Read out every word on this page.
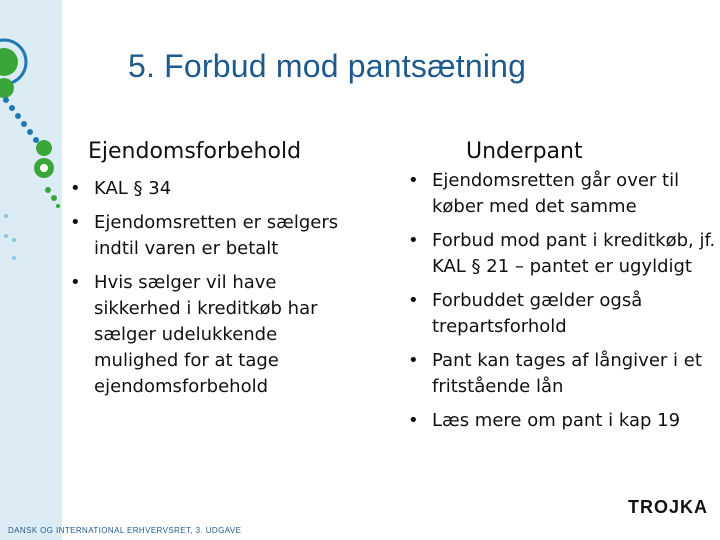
5. Forbud mod pantsætning
Ejendomsforbehold
• KAL § 34
• Ejendomsretten er sælgers indtil varen er betalt
• Hvis sælger vil have sikkerhed i kreditkøb har sælger udelukkende mulighed for at tage ejendomsforbehold
Underpant
• Ejendomsretten går over til køber med det samme
• Forbud mod pant i kreditkøb, jf. KAL § 21 – pantet er ugyldigt
• Forbuddet gælder også trepartsforhold
• Pant kan tages af långiver i et fritstående lån
• Læs mere om pant i kap 19
DANSK OG INTERNATIONAL ERHVERVSRET, 3. UDGAVE
TROJKA
